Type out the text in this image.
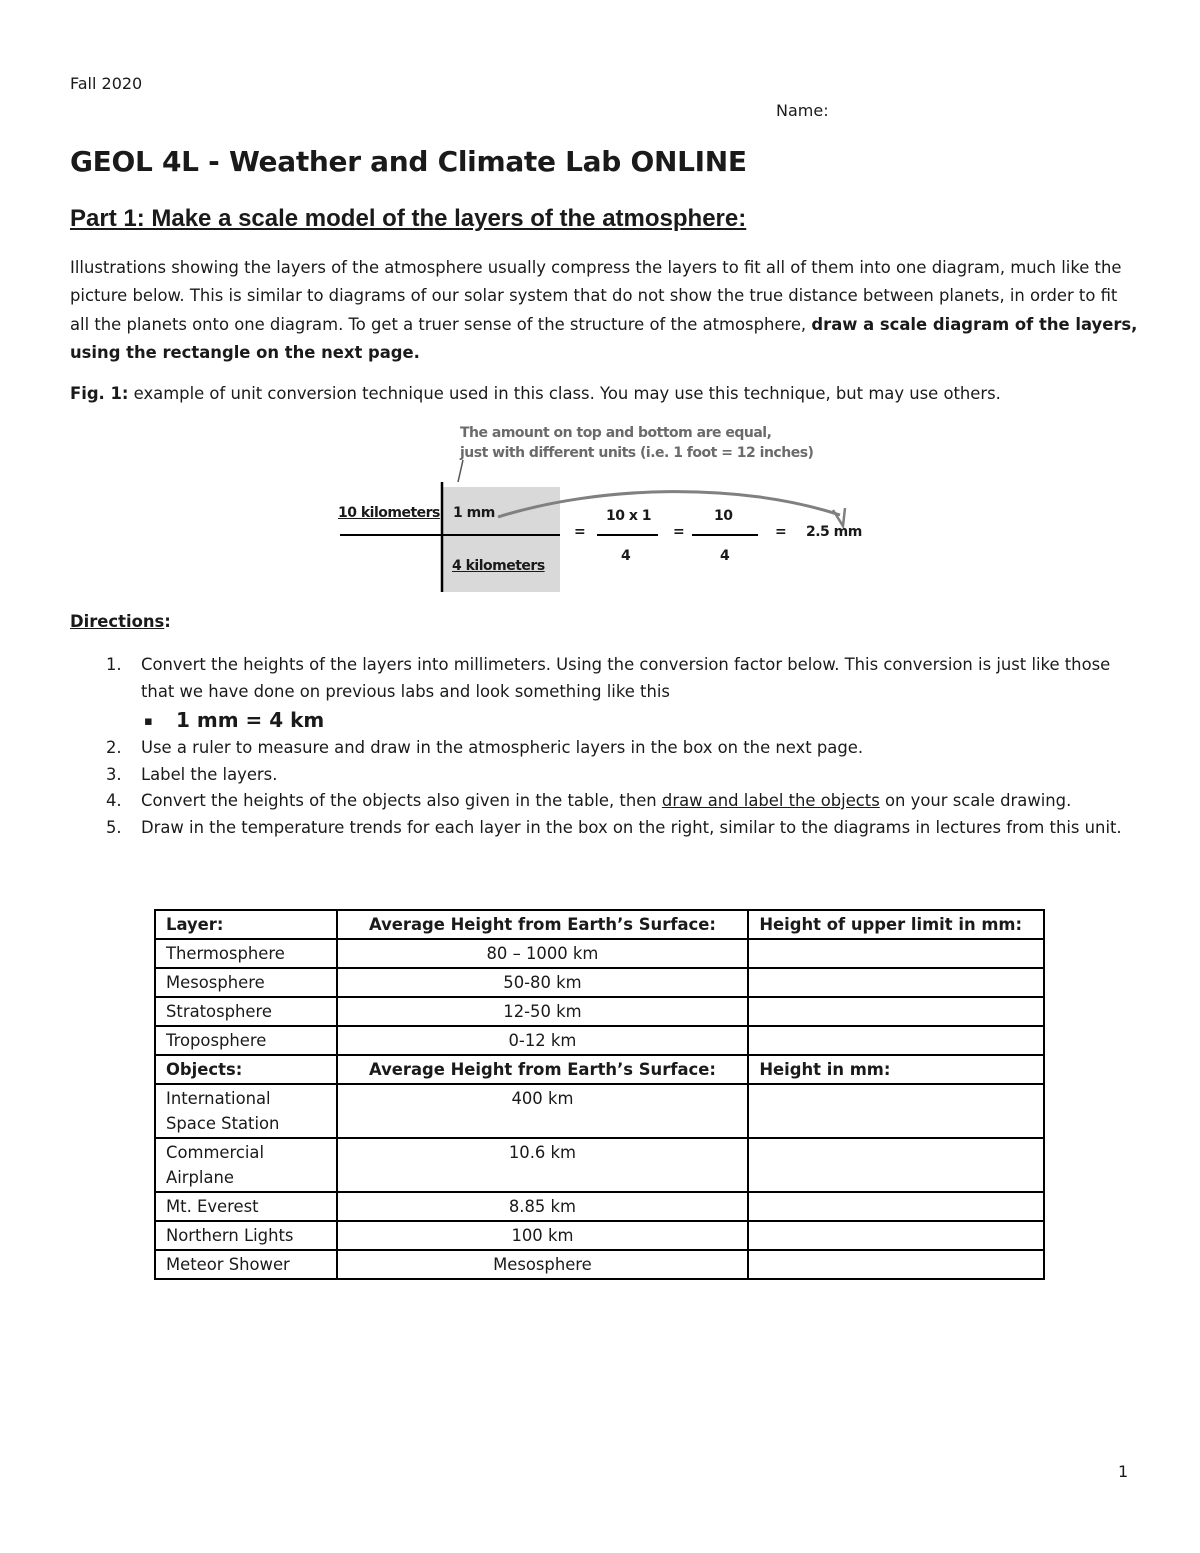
Fall 2020
Name:
GEOL 4L - Weather and Climate Lab ONLINE
Part 1: Make a scale model of the layers of the atmosphere:

Illustrations showing the layers of the atmosphere usually compress the layers to fit all of them into one diagram, much like the picture below. This is similar to diagrams of our solar system that do not show the true distance between planets, in order to fit all the planets onto one diagram. To get a truer sense of the structure of the atmosphere, draw a scale diagram of the layers, using the rectangle on the next page.

Fig. 1: example of unit conversion technique used in this class. You may use this technique, but may use others.

The amount on top and bottom are equal,
just with different units (i.e. 1 foot = 12 inches)
10 kilometers 1 mm
4 kilometers
=
10 x 1
4
=
10
4
= 2.5 mm

Directions:

1. Convert the heights of the layers into millimeters. Using the conversion factor below. This conversion is just like those that we have done on previous labs and look something like this
▪ 1 mm = 4 km
2. Use a ruler to measure and draw in the atmospheric layers in the box on the next page.
3. Label the layers.
4. Convert the heights of the objects also given in the table, then draw and label the objects on your scale drawing.
5. Draw in the temperature trends for each layer in the box on the right, similar to the diagrams in lectures from this unit.
Layer:	Average Height from Earth’s Surface:	Height of upper limit in mm:
Thermosphere	80 – 1000 km	
Mesosphere	50-80 km	
Stratosphere	12-50 km	
Troposphere	0-12 km	
Objects:	Average Height from Earth’s Surface:	Height in mm:
International Space Station	400 km	
Commercial Airplane	10.6 km	
Mt. Everest	8.85 km	
Northern Lights	100 km	
Meteor Shower	Mesosphere	
1
